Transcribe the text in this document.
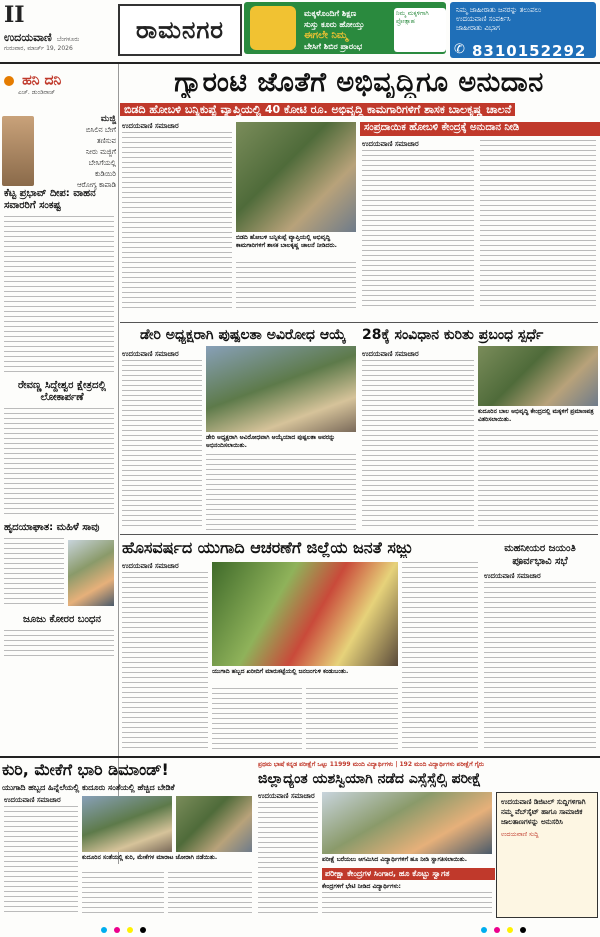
II
ಉದಯವಾಣಿ ಬೆಂಗಳೂರು
ಗುರುವಾರ, ಮಾರ್ಚ್ 19, 2026
ರಾಮನಗರ
ಮಕ್ಕಳೊಂದಿಗೆ ಶಿಕ್ಷಣ
ಸುಸ್ತು ಕೂರು ಹೋಯ್ತು
ಈಗಲೇ ನಿಮ್ಮ
ಬೇಸಿಗೆ ಶಿಬಿರ ಪ್ರಾರಂಭ
ನಿಮ್ಮ ಮಕ್ಕಳಿಗಾಗಿ ಪ್ರೋತ್ಸಾಹ
ನಿಮ್ಮ ಜಾಹೀರಾತು ಜನರನ್ನು ತಲುಪಲು
ಉದಯವಾಣಿ ಸಂಪರ್ಕಿಸಿ
ಜಾಹೀರಾತು ವಿಭಾಗ
✆ 8310152292
ಹನಿ ದನಿ
ಎಚ್. ಡುಂಡಿರಾಜ್
ಮಜ್ಜಿ
ಬಿಸಿಲಿನ ಬೇಗೆ
ತಣಿಸುವ
ನೀರು ಮಜ್ಜಿಗೆ
ಬೇಸಿಗೆಯಲ್ಲಿ
ಕುಡಿಯಿರಿ
ಆರೋಗ್ಯ ಕಾಪಾಡಿ
ಕೆಟ್ಟ ಪ್ರಭಾವ್ ದೀಪ: ವಾಹನ ಸವಾರರಿಗೆ ಸಂಕಷ್ಟ
ರೇವಣ್ಣ ಸಿದ್ದೇಶ್ವರ ಕ್ಷೇತ್ರದಲ್ಲಿ ಲೋಕಾರ್ಪಣೆ
ಹೃದಯಾಘಾತ: ಮಹಿಳೆ ಸಾವು
ಜೂಜು ಕೋರರ ಬಂಧನ
ಗ್ಯಾರಂಟಿ ಜೊತೆಗೆ ಅಭಿವೃದ್ಧಿಗೂ ಅನುದಾನ
ಬಿಡದಿ ಹೋಬಳಿ ಬನ್ನಿಕುಪ್ಪೆ ವ್ಯಾಪ್ತಿಯಲ್ಲಿ 40 ಕೋಟಿ ರೂ. ಅಭಿವೃದ್ಧಿ ಕಾಮಗಾರಿಗಳಿಗೆ ಶಾಸಕ ಬಾಲಕೃಷ್ಣ ಚಾಲನೆ
ಉದಯವಾಣಿ ಸಮಾಚಾರ
ಬಿಡದಿ ಹೋಬಳಿ ಬನ್ನಿಕುಪ್ಪೆ ವ್ಯಾಪ್ತಿಯಲ್ಲಿ ಅಭಿವೃದ್ಧಿ ಕಾಮಗಾರಿಗಳಿಗೆ ಶಾಸಕ ಬಾಲಕೃಷ್ಣ ಚಾಲನೆ ನೀಡಿದರು.
ಸಂಪ್ರದಾಯಿಕ ಹೋಬಳಿ ಕೇಂದ್ರಕ್ಕೆ ಅನುದಾನ ನೀಡಿ
ಉದಯವಾಣಿ ಸಮಾಚಾರ
ಡೇರಿ ಅಧ್ಯಕ್ಷರಾಗಿ ಪುಷ್ಪಲತಾ ಅವಿರೋಧ ಆಯ್ಕೆ
ಉದಯವಾಣಿ ಸಮಾಚಾರ
ಡೇರಿ ಅಧ್ಯಕ್ಷರಾಗಿ ಅವಿರೋಧವಾಗಿ ಆಯ್ಕೆಯಾದ ಪುಷ್ಪಲತಾ ಅವರನ್ನು ಅಭಿನಂದಿಸಲಾಯಿತು.
28ಕ್ಕೆ ಸಂವಿಧಾನ ಕುರಿತು ಪ್ರಬಂಧ ಸ್ಪರ್ಧೆ
ಉದಯವಾಣಿ ಸಮಾಚಾರ
ಕುದೂರಿನ ಬಾಲ ಅಭಿವೃದ್ಧಿ ಕೇಂದ್ರದಲ್ಲಿ ಮಕ್ಕಳಿಗೆ ಪ್ರಮಾಣಪತ್ರ ವಿತರಿಸಲಾಯಿತು.
ಹೊಸವರ್ಷದ ಯುಗಾದಿ ಆಚರಣೆಗೆ ಜಿಲ್ಲೆಯ ಜನತೆ ಸಜ್ಜು
ಉದಯವಾಣಿ ಸಮಾಚಾರ
ಯುಗಾದಿ ಹಬ್ಬದ ಖರೀದಿಗೆ ಮಾರುಕಟ್ಟೆಯಲ್ಲಿ ಜನಜಂಗುಳಿ ಕಂಡುಬಂತು.
ಮಹನೀಯರ ಜಯಂತಿ ಪೂರ್ವಭಾವಿ ಸಭೆ
ಉದಯವಾಣಿ ಸಮಾಚಾರ
ಕುರಿ, ಮೇಕೆಗೆ ಭಾರಿ ಡಿಮಾಂಡ್!
ಯುಗಾದಿ ಹಬ್ಬದ ಹಿನ್ನೆಲೆಯಲ್ಲಿ ಕುದೂರು ಸಂತೆಯಲ್ಲಿ ಹೆಚ್ಚಿದ ಬೇಡಿಕೆ
ಉದಯವಾಣಿ ಸಮಾಚಾರ
ಕುದೂರಿನ ಸಂತೆಯಲ್ಲಿ ಕುರಿ, ಮೇಕೆಗಳ ಮಾರಾಟ ಜೋರಾಗಿ ನಡೆಯಿತು.
ಪ್ರಥಮ ಭಾಷೆ ಕನ್ನಡ ಪರೀಕ್ಷೆಗೆ ಒಟ್ಟು 11999 ಮಂದಿ ವಿದ್ಯಾರ್ಥಿಗಳು | 192 ಮಂದಿ ವಿದ್ಯಾರ್ಥಿಗಳು ಪರೀಕ್ಷೆಗೆ ಗೈರು
ಜಿಲ್ಲಾದ್ಯಂತ ಯಶಸ್ವಿಯಾಗಿ ನಡೆದ ಎಸ್ಸೆಸ್ಸೆಲ್ಸಿ ಪರೀಕ್ಷೆ
ಉದಯವಾಣಿ ಸಮಾಚಾರ
ಪರೀಕ್ಷೆ ಬರೆಯಲು ಆಗಮಿಸಿದ ವಿದ್ಯಾರ್ಥಿಗಳಿಗೆ ಹೂ ನೀಡಿ ಸ್ವಾಗತಿಸಲಾಯಿತು.
ಪರೀಕ್ಷಾ ಕೇಂದ್ರಗಳ ಸಿಂಗಾರ, ಹೂ ಕೊಟ್ಟು ಸ್ವಾಗತ
ಕೇಂದ್ರಗಳಿಗೆ ಭೇಟಿ ನೀಡಿದ ವಿದ್ಯಾರ್ಥಿಗಳು:
ಉದಯವಾಣಿ ಡಿಜಿಟಲ್ ಸುದ್ದಿಗಳಿಗಾಗಿ ನಮ್ಮ ವೆಬ್‌ಸೈಟ್ ಹಾಗೂ ಸಾಮಾಜಿಕ ಜಾಲತಾಣಗಳನ್ನು ಅನುಸರಿಸಿ
ಉದಯವಾಣಿ ಸುದ್ದಿ
